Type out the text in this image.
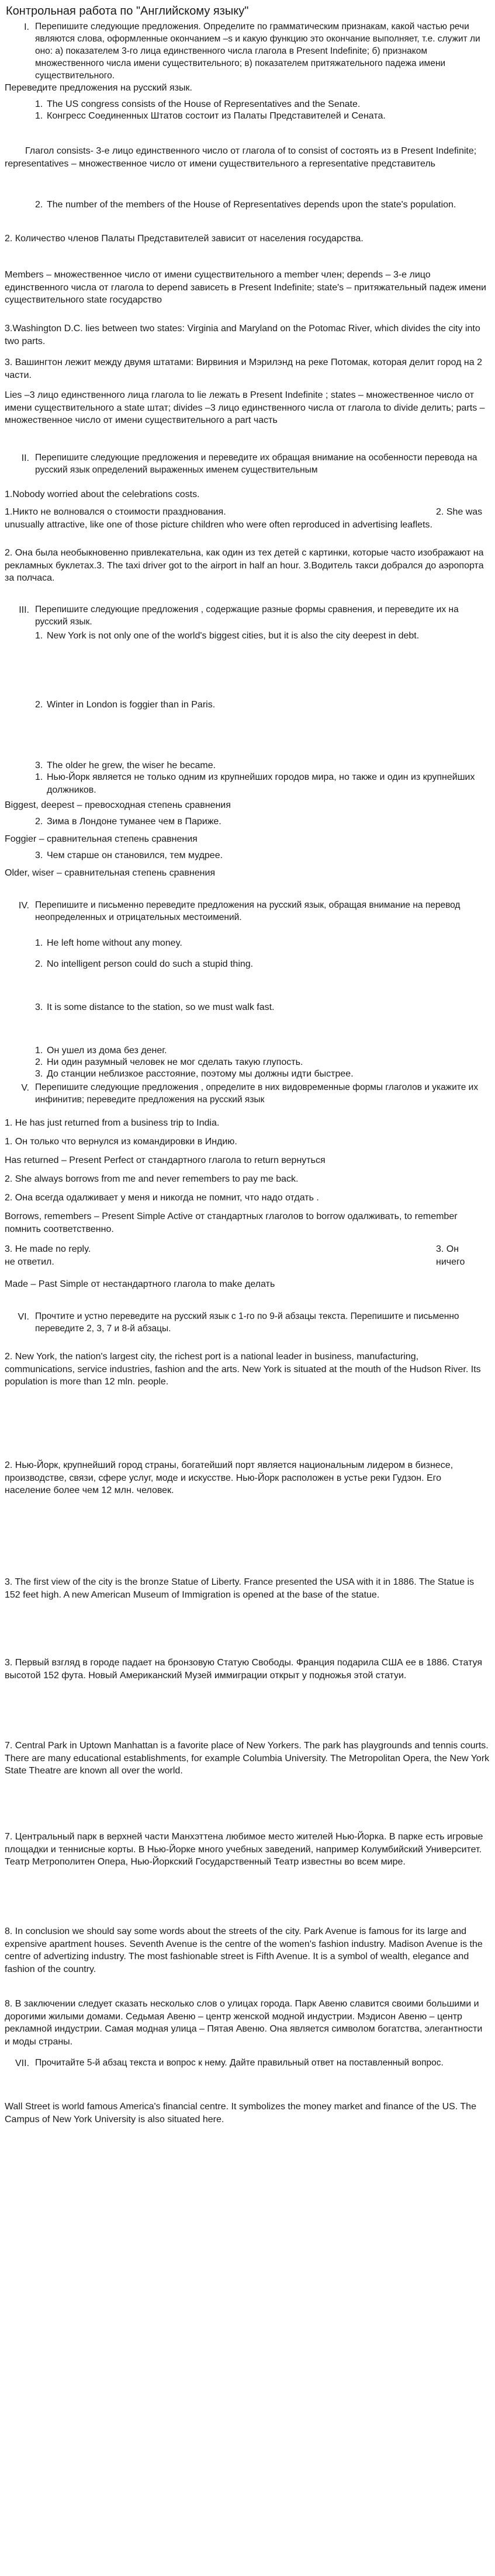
Контрольная работа по "Английскому языку"
I. Перепишите следующие предложения. Определите по грамматическим признакам, какой частью речи являются слова, оформленные окончанием –s и какую функцию это окончание выполняет, т.е. служит ли оно: а) показателем 3-го лица единственного числа глагола в Present Indefinite; б) признаком множественного числа имени существительного; в) показателем притяжательного падежа имени существительного.

Переведите предложения на русский язык.

1. The US congress consists of the House of Representatives and the Senate.
1. Конгресс Соединенных Штатов состоит из Палаты Представителей и Сената.

Глагол consists- 3-е лицо единственного число от глагола of to consist of состоять из в Present Indefinite; representatives – множественное число от имени существительного a representative представитель

2. The number of the members of the House of Representatives depends upon the state's population.

2. Количество членов Палаты Представителей зависит от населения государства.

Members – множественное число от имени существительного a member член; depends – 3-е лицо единственного числа от глагола to depend зависеть в Present Indefinite; state's – притяжательный падеж имени существительного state государство

3.Washington D.C. lies between two states: Virginia and Maryland on the Potomac River, which divides the city into two parts.

3. Вашингтон лежит между двумя штатами: Вирвиния и Мэрилэнд на реке Потомак, которая делит город на 2 части.

Lies –3 лицо единственного лица глагола to lie лежать в Present Indefinite ; states – множественное число от имени существительного a state штат; divides –3 лицо единственного числа от глагола to divide делить; parts – множественное число от имени существительного a part часть

II. Перепишите следующие предложения и переведите их обращая внимание на особенности перевода на русский язык определений выраженных именем существительным

1.Nobody worried about the celebrations costs.

1.Никто не волновался о стоимости празднования.	2. She was
unusually attractive, like one of those picture children who were often reproduced in advertising leaflets.
2. Она была необыкновенно привлекательна, как один из тех детей с картинки, которые часто изображают на рекламных буклетах.3. The taxi driver got to the airport in half an hour. 3.Водитель такси добрался до аэропорта за полчаса.
III. Перепишите следующие предложения , содержащие разные формы сравнения, и переведите их на русский язык.
1. New York is not only one of the world's biggest cities, but it is also the city deepest in debt.
2. Winter in London is foggier than in Paris.
3. The older he grew, the wiser he became.
1. Нью-Йорк является не только одним из крупнейших городов мира, но также и один из крупнейших должников.

Biggest, deepest – превосходная степень сравнения

2. Зима в Лондоне туманее чем в Париже.

Foggier – сравнительная степень сравнения

3. Чем старше он становился, тем мудрее.

Older, wiser – сравнительная степень сравнения

IV. Перепишите и письменно переведите предложения на русский язык, обращая внимание на перевод неопределенных и отрицательных местоимений.
1. He left home without any money.
2. No intelligent person could do such a stupid thing.
3. It is some distance to the station, so we must walk fast.
1. Он ушел из дома без денег.
2. Ни один разумный человек не мог сделать такую глупость.
3. До станции неблизкое расстояние, поэтому мы должны идти быстрее.
V. Перепишите следующие предложения , определите в них видовременные формы глаголов и укажите их инфинитив; переведите предложения на русский язык

1. He has just returned from a business trip to India.

1. Он только что вернулся из командировки в Индию.

Has returned – Present Perfect от стандартного глагола to return вернуться

2. She always borrows from me and never remembers to pay me back.

2. Она всегда одалживает у меня и никогда не помнит, что надо отдать .

Borrows, remembers – Present Simple Active от стандартных глаголов to borrow одалживать, to remember помнить соответственно.

3. He made no reply.	3. Он ничего
не ответил.

Made – Past Simple от нестандартного глагола to make делать

VI. Прочтите и устно переведите на русский язык с 1-го по 9-й абзацы текста. Перепишите и письменно переведите 2, 3, 7 и 8-й абзацы.

2. New York, the nation's largest city, the richest port is a national leader in business, manufacturing, communications, service industries, fashion and the arts. New York is situated at the mouth of the Hudson River. Its population is more than 12 mln. people.

2. Нью-Йорк, крупнейший город страны, богатейший порт является национальным лидером в бизнесе, производстве, связи, сфере услуг, моде и искусстве. Нью-Йорк расположен в устье реки Гудзон. Его население более чем 12 млн. человек.

3. The first view of the city is the bronze Statue of Liberty. France presented the USA with it in 1886. The Statue is 152 feet high. A new American Museum of Immigration is opened at the base of the statue.

3. Первый взгляд в городе падает на бронзовую Статую Свободы. Франция подарила США ее в 1886. Статуя высотой 152 фута. Новый Американский Музей иммиграции открыт у подножья этой статуи.

7. Central Park in Uptown Manhattan is a favorite place of New Yorkers. The park has playgrounds and tennis courts. There are many educational establishments, for example Columbia University. The Metropolitan Opera, the New York State Theatre are known all over the world.

7. Центральный парк в верхней части Манхэттена любимое место жителей Нью-Йорка. В парке есть игровые площадки и теннисные корты. В Нью-Йорке много учебных заведений, например Колумбийский Университет. Театр Метрополитен Опера, Нью-Йоркский Государственный Театр известны во всем мире.

8. In conclusion we should say some words about the streets of the city. Park Avenue is famous for its large and expensive apartment houses. Seventh Avenue is the centre of the women's fashion industry. Madison Avenue is the centre of advertizing industry. The most fashionable street is Fifth Avenue. It is a symbol of wealth, elegance and fashion of the country.

8. В заключении следует сказать несколько слов о улицах города. Парк Авеню славится своими большими и дорогими жилыми домами. Седьмая Авеню – центр женской модной индустрии. Мэдисон Авеню – центр рекламной индустрии. Самая модная улица – Пятая Авеню. Она является символом богатства, элегантности и моды страны.

VII. Прочитайте 5-й абзац текста и вопрос к нему. Дайте правильный ответ на поставленный вопрос.

Wall Street is world famous America's financial centre. It symbolizes the money market and finance of the US. The Campus of New York University is also situated here.
